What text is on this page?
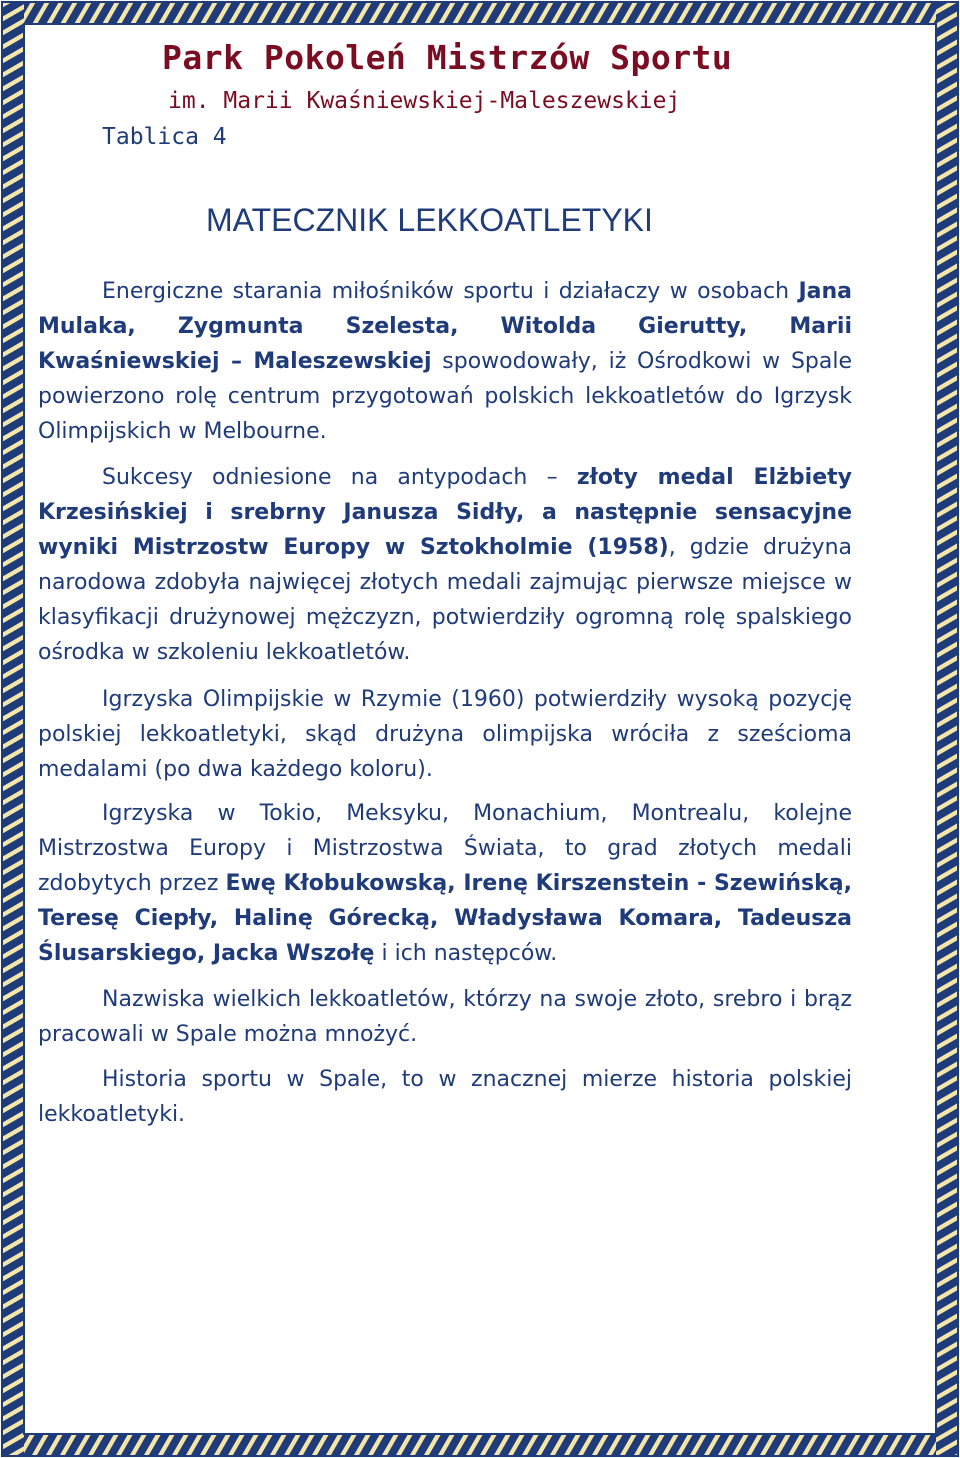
Park Pokoleń Mistrzów Sportu
im. Marii Kwaśniewskiej-Maleszewskiej
Tablica 4
MATECZNIK LEKKOATLETYKI

Energiczne starania miłośników sportu i działaczy w osobach Jana Mulaka, Zygmunta Szelesta, Witolda Gierutty, Marii Kwaśniewskiej – Maleszewskiej spowodowały, iż Ośrodkowi w Spale powierzono rolę centrum przygotowań polskich lekkoatletów do Igrzysk Olimpijskich w Melbourne.

Sukcesy odniesione na antypodach – złoty medal Elżbiety Krzesińskiej i srebrny Janusza Sidły, a następnie sensacyjne wyniki Mistrzostw Europy w Sztokholmie (1958), gdzie drużyna narodowa zdobyła najwięcej złotych medali zajmując pierwsze miejsce w klasyfikacji drużynowej mężczyzn, potwierdziły ogromną rolę spalskiego ośrodka w szkoleniu lekkoatletów.

Igrzyska Olimpijskie w Rzymie (1960) potwierdziły wysoką pozycję polskiej lekkoatletyki, skąd drużyna olimpijska wróciła z sześcioma medalami (po dwa każdego koloru).

Igrzyska w Tokio, Meksyku, Monachium, Montrealu, kolejne Mistrzostwa Europy i Mistrzostwa Świata, to grad złotych medali zdobytych przez Ewę Kłobukowską, Irenę Kirszenstein - Szewińską, Teresę Ciepły, Halinę Górecką, Władysława Komara, Tadeusza Ślusarskiego, Jacka Wszołę i ich następców.

Nazwiska wielkich lekkoatletów, którzy na swoje złoto, srebro i brąz pracowali w Spale można mnożyć.

Historia sportu w Spale, to w znacznej mierze historia polskiej lekkoatletyki.
